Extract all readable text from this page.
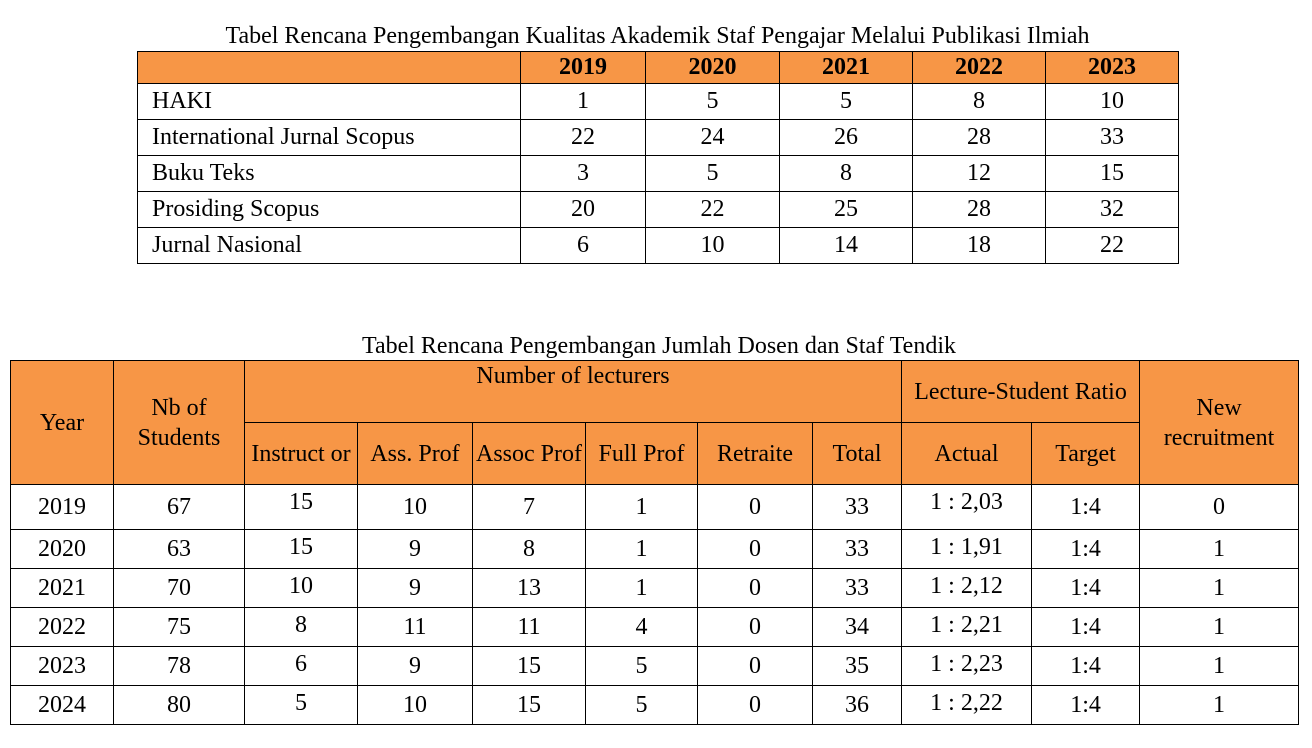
Tabel Rencana Pengembangan Kualitas Akademik Staf Pengajar Melalui Publikasi Ilmiah
	2019	2020	2021	2022	2023
HAKI	1	5	5	8	10
International Jurnal Scopus	22	24	26	28	33
Buku Teks	3	5	8	12	15
Prosiding Scopus	20	22	25	28	32
Jurnal Nasional	6	10	14	18	22
Tabel Rencana Pengembangan Jumlah Dosen dan Staf Tendik
Year	Nb of Students	Number of lecturers						Lecture-Student Ratio		New recruitment
		Instruct or	Ass. Prof	Assoc Prof	Full Prof	Retraite	Total	Actual	Target	
2019	67	15	10	7	1	0	33	1 : 2,03	1:4	0
2020	63	15	9	8	1	0	33	1 : 1,91	1:4	1
2021	70	10	9	13	1	0	33	1 : 2,12	1:4	1
2022	75	8	11	11	4	0	34	1 : 2,21	1:4	1
2023	78	6	9	15	5	0	35	1 : 2,23	1:4	1
2024	80	5	10	15	5	0	36	1 : 2,22	1:4	1
